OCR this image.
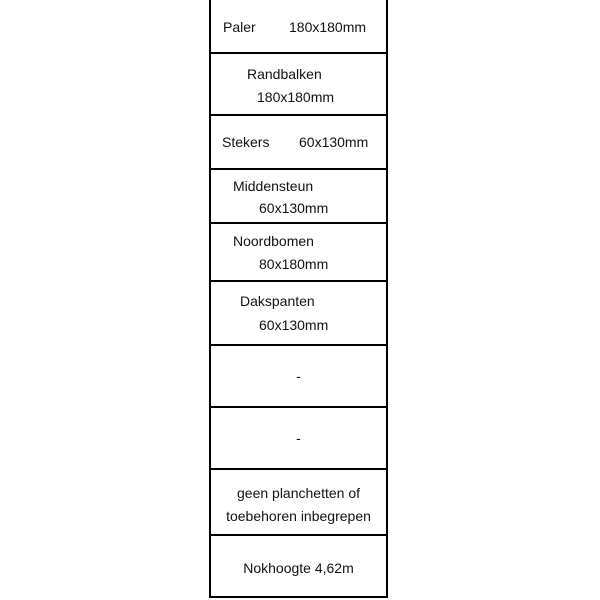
Paler 180x180mm
Randbalken
180x180mm
Stekers 60x130mm
Middensteun
60x130mm
Noordbomen
80x180mm
Dakspanten
60x130mm
-
-
geen planchetten of
toebehoren inbegrepen
Nokhoogte 4,62m
